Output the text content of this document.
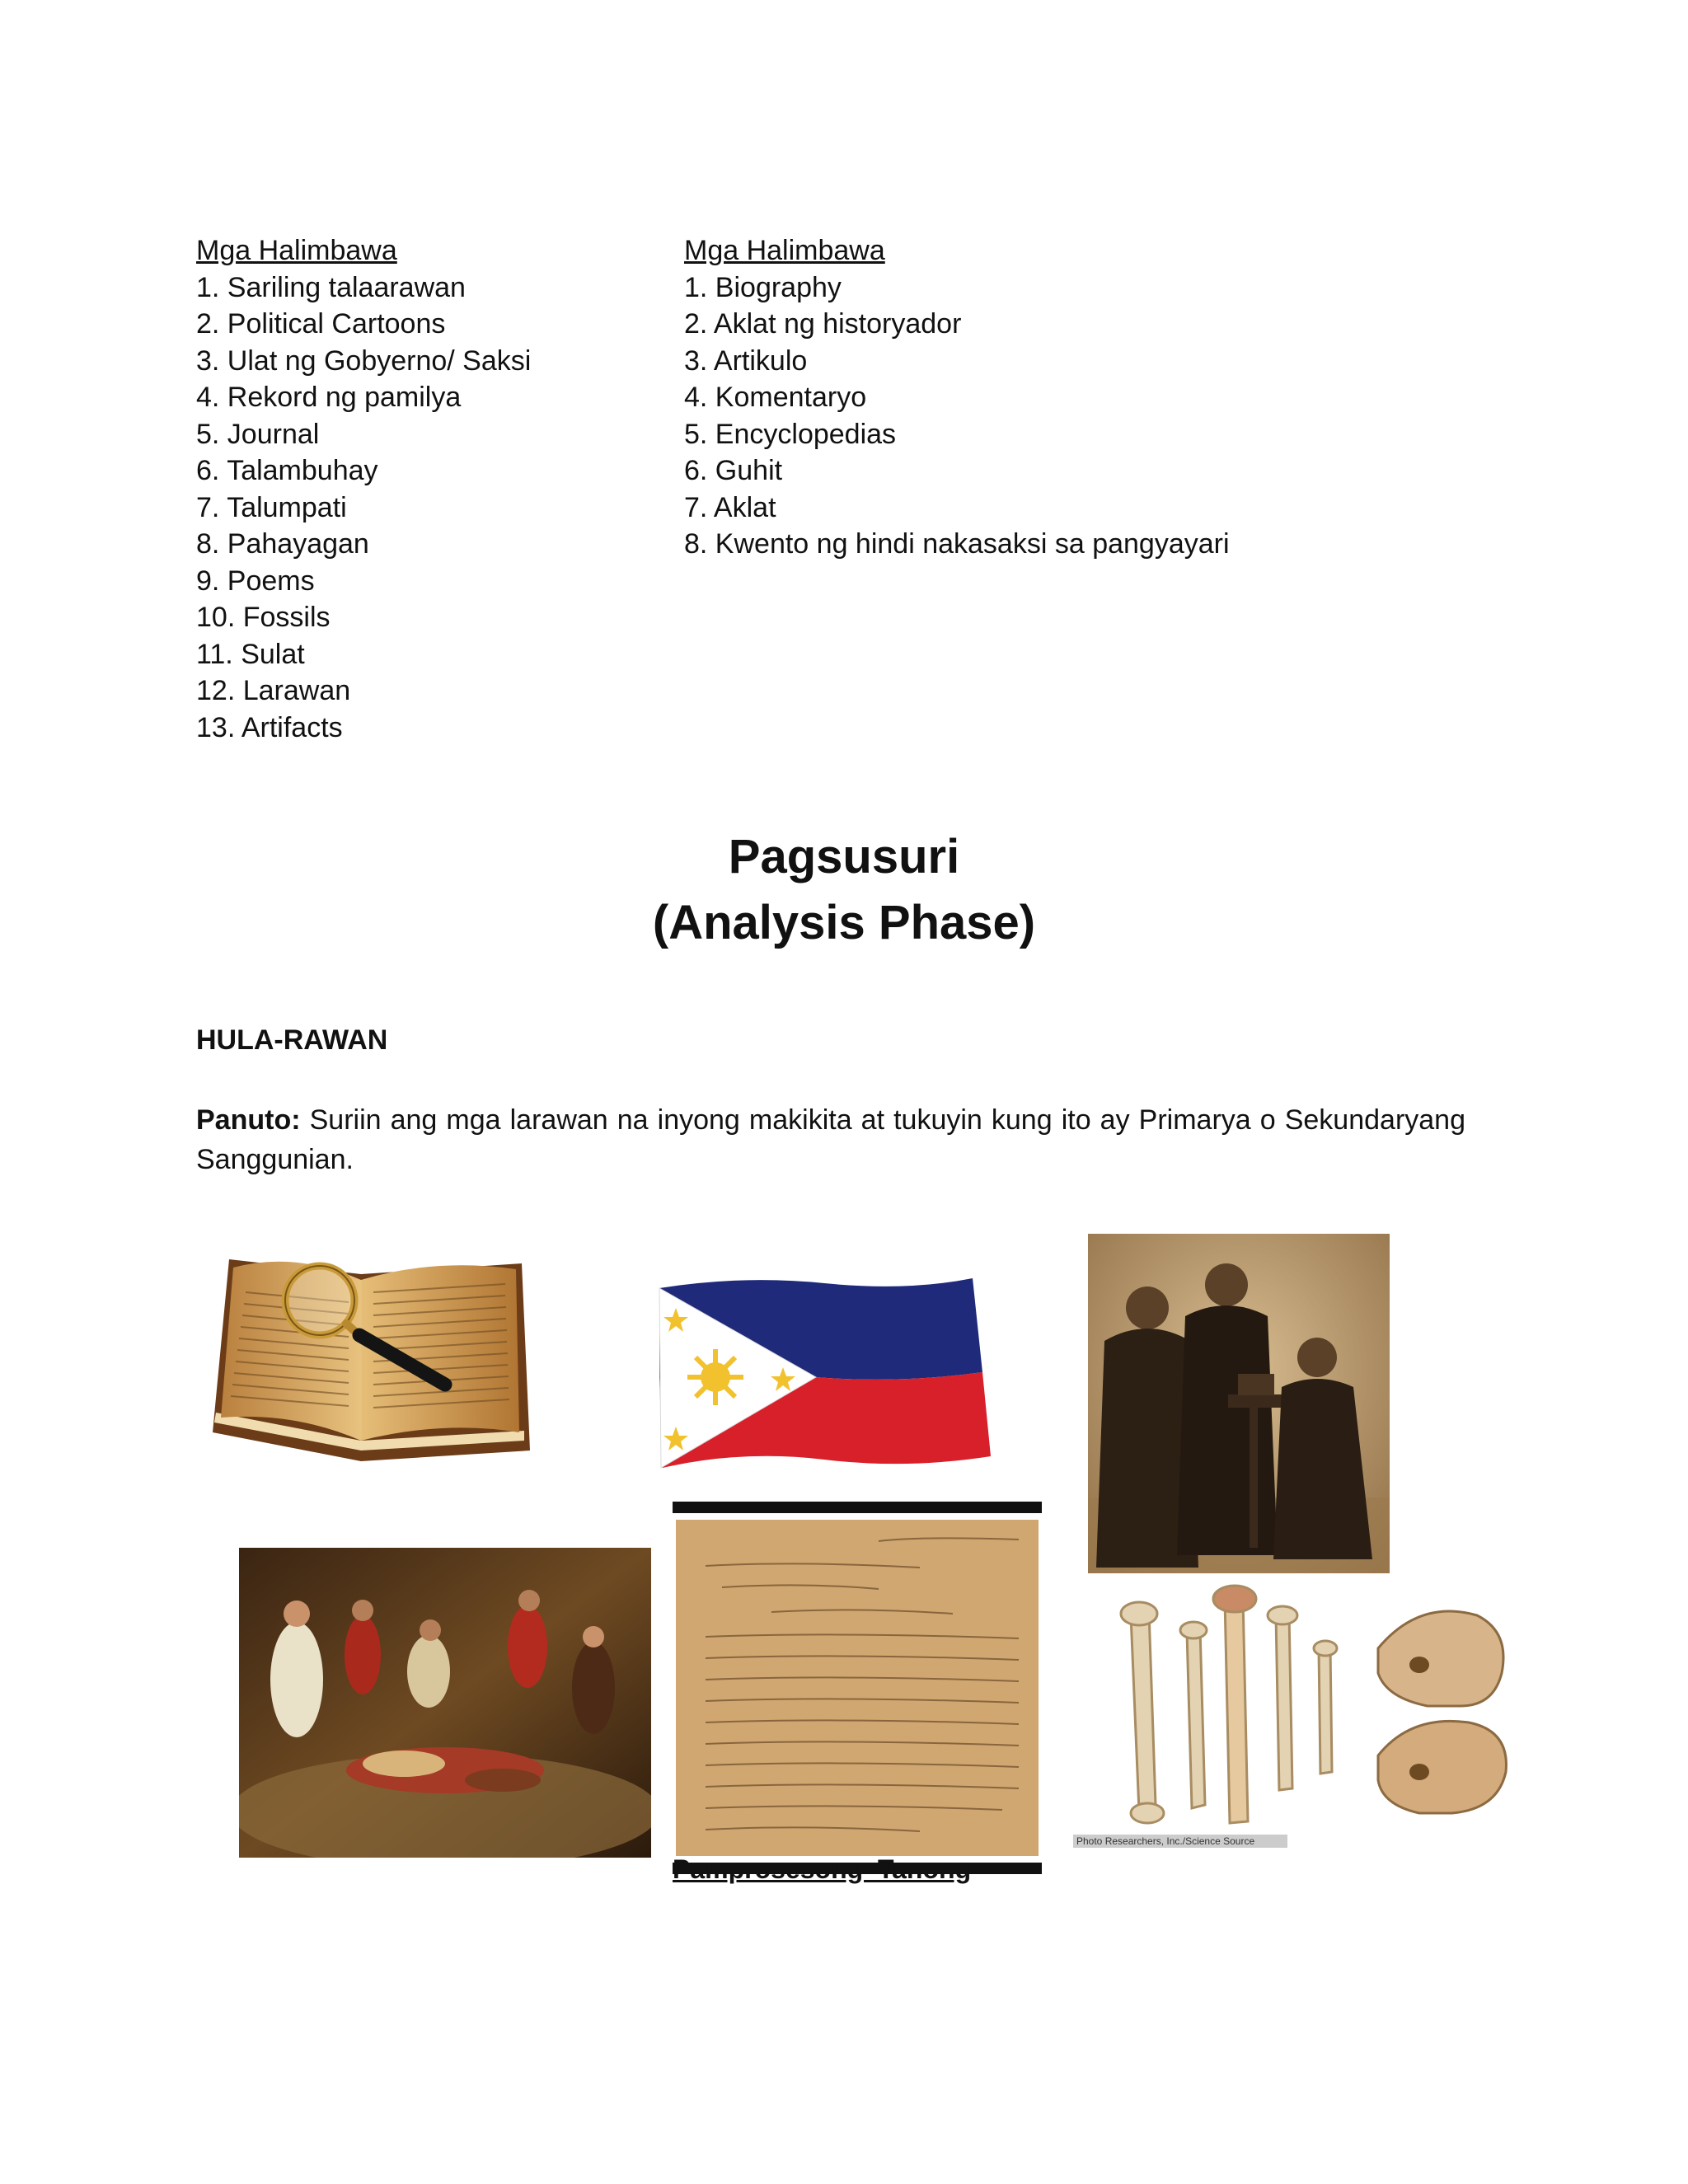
Mga Halimbawa
1. Sariling talaarawan
2. Political Cartoons
3. Ulat ng Gobyerno/ Saksi
4. Rekord ng pamilya
5. Journal
6. Talambuhay
7. Talumpati
8. Pahayagan
9. Poems
10. Fossils
11. Sulat
12. Larawan
13. Artifacts
Mga Halimbawa
1. Biography
2. Aklat ng historyador
3. Artikulo
4. Komentaryo
5. Encyclopedias
6. Guhit
7. Aklat
8. Kwento ng hindi nakasaksi sa pangyayari
Pagsusuri
(Analysis Phase)
HULA-RAWAN
Panuto: Suriin ang mga larawan na inyong makikita at tukuyin kung ito ay Primarya o Sekundaryang Sanggunian.
Photo Researchers, Inc./Science Source
Pamprosesong  Tanong
